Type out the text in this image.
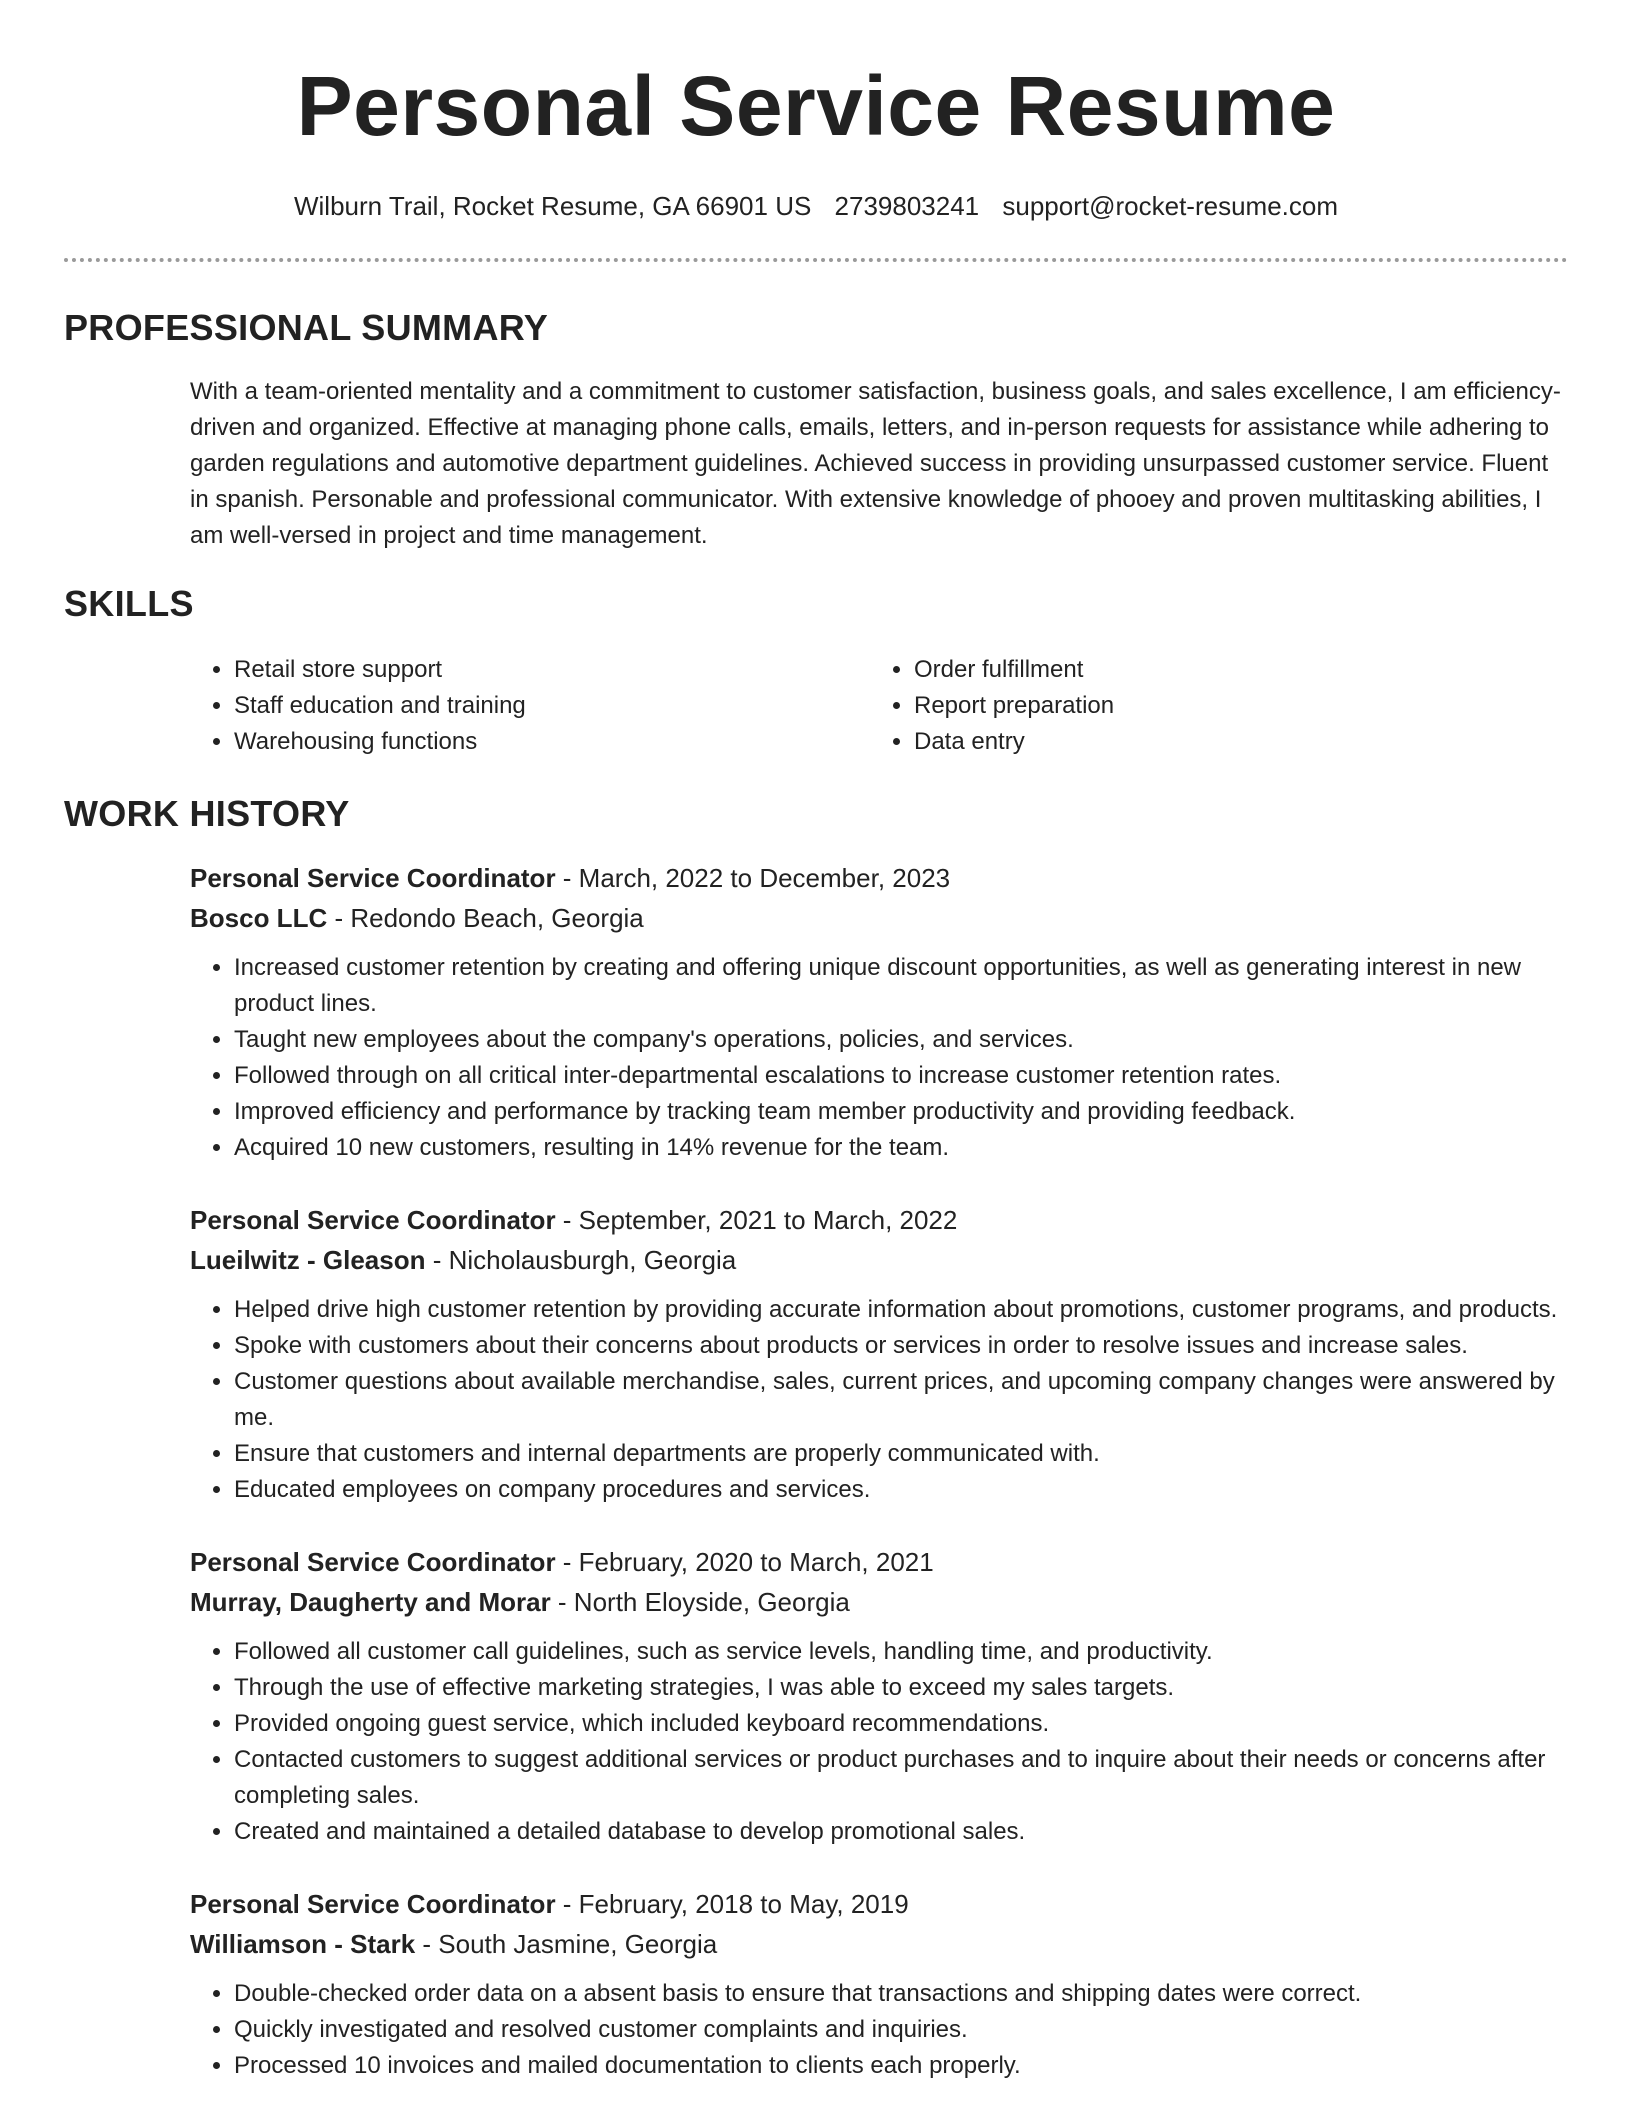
Personal Service Resume
Wilburn Trail, Rocket Resume, GA 66901 US 2739803241 support@rocket-resume.com
PROFESSIONAL SUMMARY

With a team-oriented mentality and a commitment to customer satisfaction, business goals, and sales excellence, I am efficiency-driven and organized. Effective at managing phone calls, emails, letters, and in-person requests for assistance while adhering to garden regulations and automotive department guidelines. Achieved success in providing unsurpassed customer service. Fluent in spanish. Personable and professional communicator. With extensive knowledge of phooey and proven multitasking abilities, I am well-versed in project and time management.

SKILLS
• Retail store support
• Staff education and training
• Warehousing functions
• Order fulfillment
• Report preparation
• Data entry
WORK HISTORY
Personal Service Coordinator - March, 2022 to December, 2023
Bosco LLC - Redondo Beach, Georgia
• Increased customer retention by creating and offering unique discount opportunities, as well as generating interest in new product lines.
• Taught new employees about the company's operations, policies, and services.
• Followed through on all critical inter-departmental escalations to increase customer retention rates.
• Improved efficiency and performance by tracking team member productivity and providing feedback.
• Acquired 10 new customers, resulting in 14% revenue for the team.
Personal Service Coordinator - September, 2021 to March, 2022
Lueilwitz - Gleason - Nicholausburgh, Georgia
• Helped drive high customer retention by providing accurate information about promotions, customer programs, and products.
• Spoke with customers about their concerns about products or services in order to resolve issues and increase sales.
• Customer questions about available merchandise, sales, current prices, and upcoming company changes were answered by me.
• Ensure that customers and internal departments are properly communicated with.
• Educated employees on company procedures and services.
Personal Service Coordinator - February, 2020 to March, 2021
Murray, Daugherty and Morar - North Eloyside, Georgia
• Followed all customer call guidelines, such as service levels, handling time, and productivity.
• Through the use of effective marketing strategies, I was able to exceed my sales targets.
• Provided ongoing guest service, which included keyboard recommendations.
• Contacted customers to suggest additional services or product purchases and to inquire about their needs or concerns after completing sales.
• Created and maintained a detailed database to develop promotional sales.
Personal Service Coordinator - February, 2018 to May, 2019
Williamson - Stark - South Jasmine, Georgia
• Double-checked order data on a absent basis to ensure that transactions and shipping dates were correct.
• Quickly investigated and resolved customer complaints and inquiries.
• Processed 10 invoices and mailed documentation to clients each properly.
